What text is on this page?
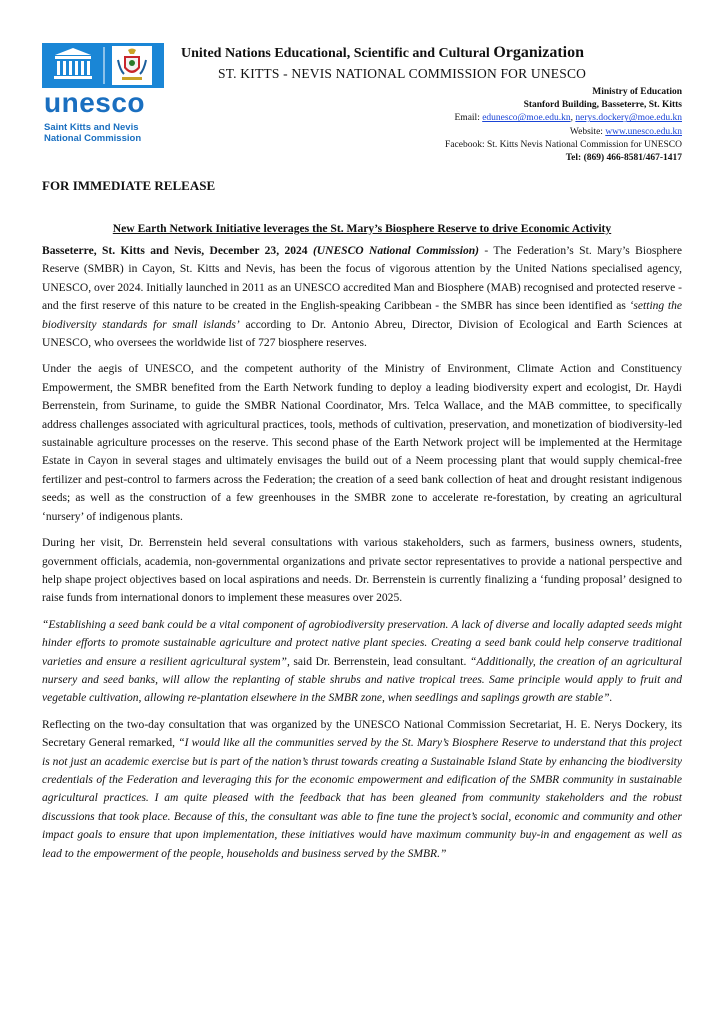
unesco
Saint Kitts and Nevis
National Commission
United Nations Educational, Scientific and Cultural Organization
ST. KITTS - NEVIS NATIONAL COMMISSION FOR UNESCO
Ministry of Education
Stanford Building, Basseterre, St. Kitts
Email: edunesco@moe.edu.kn, nerys.dockery@moe.edu.kn
Website: www.unesco.edu.kn
Facebook: St. Kitts Nevis National Commission for UNESCO
Tel: (869) 466-8581/467-1417
FOR IMMEDIATE RELEASE
New Earth Network Initiative leverages the St. Mary’s Biosphere Reserve to drive Economic Activity

Basseterre, St. Kitts and Nevis, December 23, 2024 (UNESCO National Commission) - The Federation’s St. Mary’s Biosphere Reserve (SMBR) in Cayon, St. Kitts and Nevis, has been the focus of vigorous attention by the United Nations specialised agency, UNESCO, over 2024. Initially launched in 2011 as an UNESCO accredited Man and Biosphere (MAB) recognised and protected reserve - and the first reserve of this nature to be created in the English-speaking Caribbean - the SMBR has since been identified as ‘setting the biodiversity standards for small islands’ according to Dr. Antonio Abreu, Director, Division of Ecological and Earth Sciences at UNESCO, who oversees the worldwide list of 727 biosphere reserves.

Under the aegis of UNESCO, and the competent authority of the Ministry of Environment, Climate Action and Constituency Empowerment, the SMBR benefited from the Earth Network funding to deploy a leading biodiversity expert and ecologist, Dr. Haydi Berrenstein, from Suriname, to guide the SMBR National Coordinator, Mrs. Telca Wallace, and the MAB committee, to specifically address challenges associated with agricultural practices, tools, methods of cultivation, preservation, and monetization of biodiversity-led sustainable agriculture processes on the reserve. This second phase of the Earth Network project will be implemented at the Hermitage Estate in Cayon in several stages and ultimately envisages the build out of a Neem processing plant that would supply chemical-free fertilizer and pest-control to farmers across the Federation; the creation of a seed bank collection of heat and drought resistant indigenous seeds; as well as the construction of a few greenhouses in the SMBR zone to accelerate re-forestation, by creating an agricultural ‘nursery’ of indigenous plants.

During her visit, Dr. Berrenstein held several consultations with various stakeholders, such as farmers, business owners, students, government officials, academia, non-governmental organizations and private sector representatives to provide a national perspective and help shape project objectives based on local aspirations and needs. Dr. Berrenstein is currently finalizing a ‘funding proposal’ designed to raise funds from international donors to implement these measures over 2025.

“Establishing a seed bank could be a vital component of agrobiodiversity preservation. A lack of diverse and locally adapted seeds might hinder efforts to promote sustainable agriculture and protect native plant species. Creating a seed bank could help conserve traditional varieties and ensure a resilient agricultural system”, said Dr. Berrenstein, lead consultant. “Additionally, the creation of an agricultural nursery and seed banks, will allow the replanting of stable shrubs and native tropical trees. Same principle would apply to fruit and vegetable cultivation, allowing re-plantation elsewhere in the SMBR zone, when seedlings and saplings growth are stable”.

Reflecting on the two-day consultation that was organized by the UNESCO National Commission Secretariat, H. E. Nerys Dockery, its Secretary General remarked, “I would like all the communities served by the St. Mary’s Biosphere Reserve to understand that this project is not just an academic exercise but is part of the nation’s thrust towards creating a Sustainable Island State by enhancing the biodiversity credentials of the Federation and leveraging this for the economic empowerment and edification of the SMBR community in sustainable agricultural practices. I am quite pleased with the feedback that has been gleaned from community stakeholders and the robust discussions that took place. Because of this, the consultant was able to fine tune the project’s social, economic and community and other impact goals to ensure that upon implementation, these initiatives would have maximum community buy-in and engagement as well as lead to the empowerment of the people, households and business served by the SMBR.”
